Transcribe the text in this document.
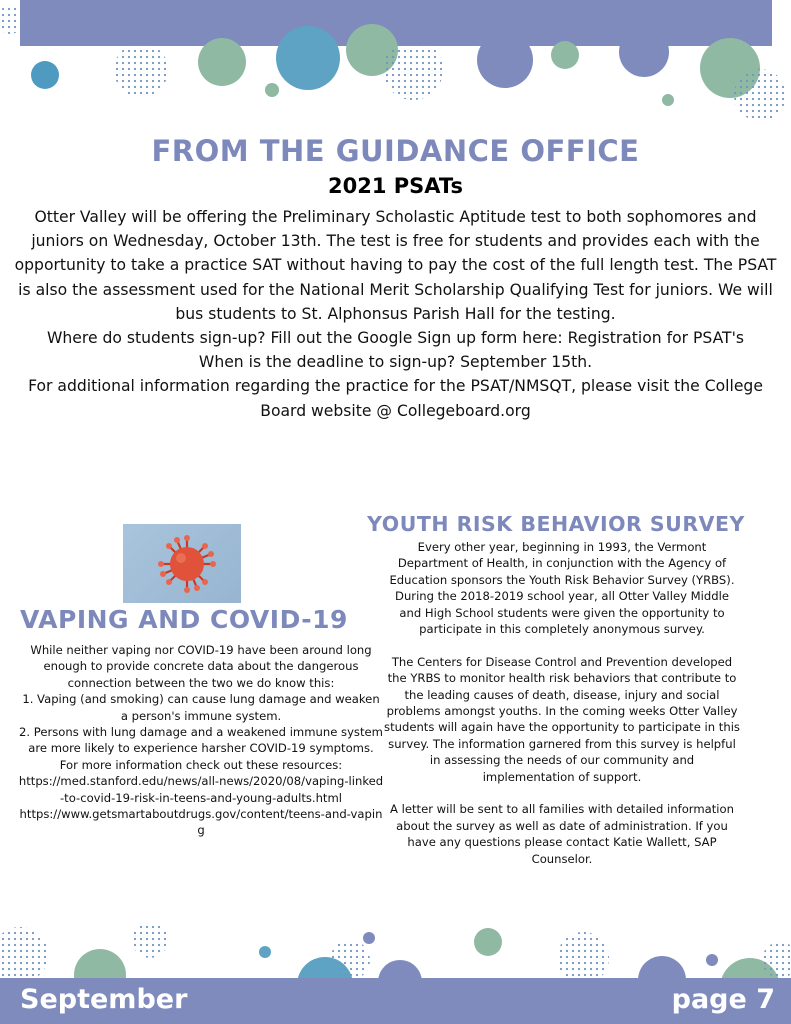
FROM THE GUIDANCE OFFICE
2021 PSATs

Otter Valley will be offering the Preliminary Scholastic Aptitude test to both sophomores and juniors on Wednesday, October 13th. The test is free for students and provides each with the opportunity to take a practice SAT without having to pay the cost of the full length test. The PSAT is also the assessment used for the National Merit Scholarship Qualifying Test for juniors. We will bus students to St. Alphonsus Parish Hall for the testing.

Where do students sign-up? Fill out the Google Sign up form here: Registration for PSAT's

When is the deadline to sign-up? September 15th.

For additional information regarding the practice for the PSAT/NMSQT, please visit the College Board website @ Collegeboard.org

VAPING AND COVID-19

While neither vaping nor COVID-19 have been around long enough to provide concrete data about the dangerous connection between the two we do know this:

1. Vaping (and smoking) can cause lung damage and weaken a person's immune system.

2. Persons with lung damage and a weakened immune system are more likely to experience harsher COVID-19 symptoms.

For more information check out these resources:

https://med.stanford.edu/news/all-news/2020/08/vaping-linked-to-covid-19-risk-in-teens-and-young-adults.html

https://www.getsmartaboutdrugs.gov/content/teens-and-vaping

YOUTH RISK BEHAVIOR SURVEY

Every other year, beginning in 1993, the Vermont Department of Health, in conjunction with the Agency of Education sponsors the Youth Risk Behavior Survey (YRBS). During the 2018-2019 school year, all Otter Valley Middle and High School students were given the opportunity to participate in this completely anonymous survey.

The Centers for Disease Control and Prevention developed the YRBS to monitor health risk behaviors that contribute to the leading causes of death, disease, injury and social problems amongst youths. In the coming weeks Otter Valley students will again have the opportunity to participate in this survey. The information garnered from this survey is helpful in assessing the needs of our community and implementation of support.

A letter will be sent to all families with detailed information about the survey as well as date of administration. If you have any questions please contact Katie Wallett, SAP Counselor.

September	page 7
